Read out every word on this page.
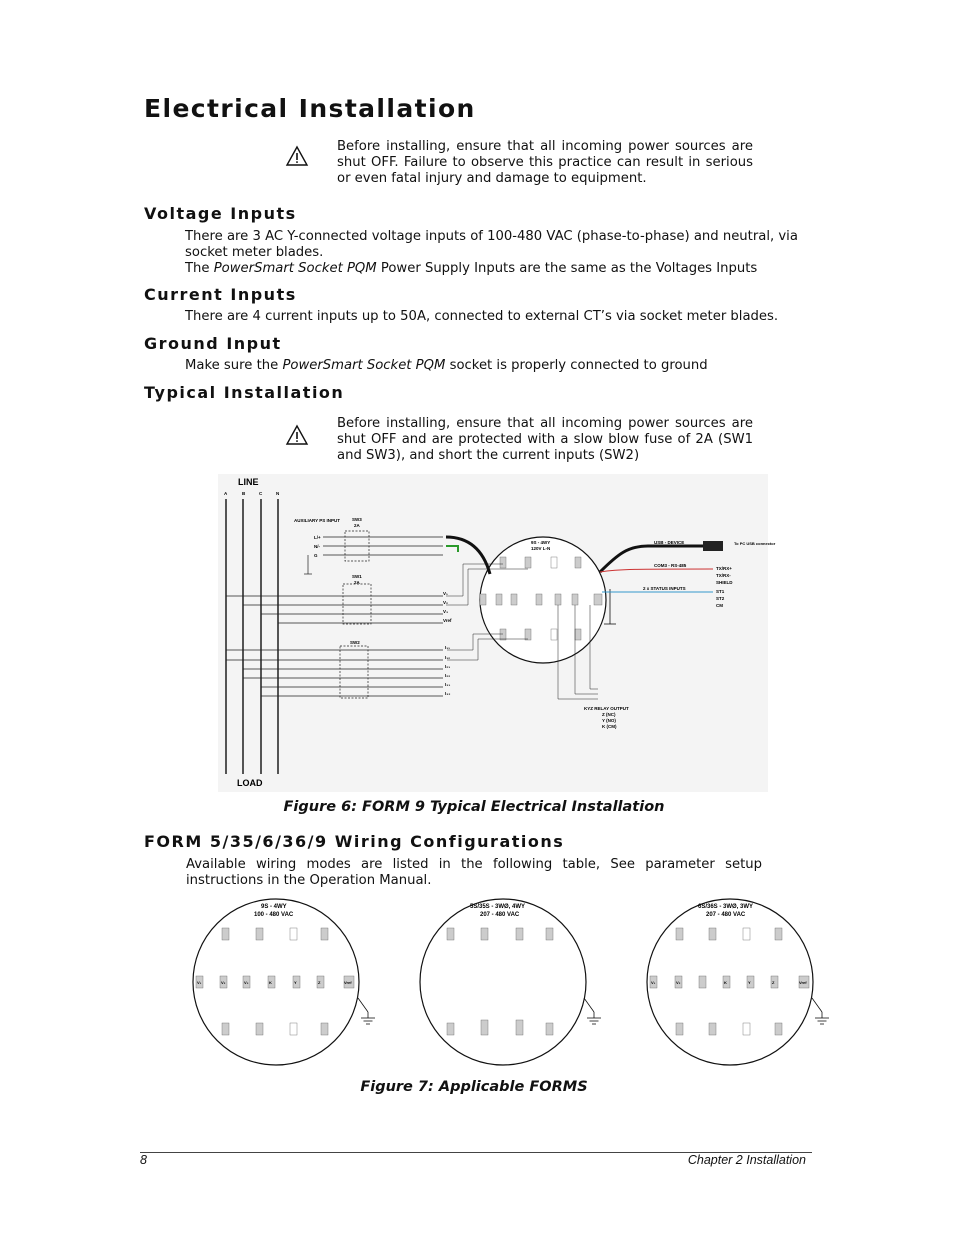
Electrical Installation

Before installing, ensure that all incoming power sources are shut OFF. Failure to observe this practice can result in serious or even fatal injury and damage to equipment.

Voltage Inputs

There are 3 AC Y-connected voltage inputs of 100-480 VAC (phase-to-phase) and neutral, via socket meter blades.
The PowerSmart Socket PQM Power Supply Inputs are the same as the Voltages Inputs

Current Inputs

There are 4 current inputs up to 50A, connected to external CT’s via socket meter blades.

Ground Input

Make sure the PowerSmart Socket PQM socket is properly connected to ground

Typical Installation

Before installing, ensure that all incoming power sources are shut OFF and are protected with a slow blow fuse of 2A (SW1 and SW3), and short the current inputs (SW2)

LINE
LOAD
A	B	C	N
AUXILIARY PS INPUT	SW3
2A
L/+
N/-
G
SW1
2A
SW2
V₁
V₂
V₃
Vref
I₁₁
I₁₂
I₂₁
I₂₂
I₃₁
I₃₂
9S - 4WY
120V L-N
USB - DEVICE	To PC USB connector
COM3 - RS-485
TX/RX+
TX/RX-
SHIELD
2 x STATUS INPUTS
ST1
ST2
CM
KYZ RELAY OUTPUT
Z (NC)
Y (NO)
K (CM)
Figure 6: FORM 9 Typical Electrical Installation
FORM 5/35/6/36/9 Wiring Configurations

Available wiring modes are listed in the following table, See parameter setup instructions in the Operation Manual.

9S - 4WY
100 - 480 VAC
V₁	V₂	V₃	K	Y	Z	Vref
5S/35S - 3WØ, 4WY
207 - 480 VAC
6S/36S - 3WØ, 3WY
207 - 480 VAC
V₁	V₂	K	Y	Z	Vref
Figure 7: Applicable FORMS
8	Chapter 2 Installation
